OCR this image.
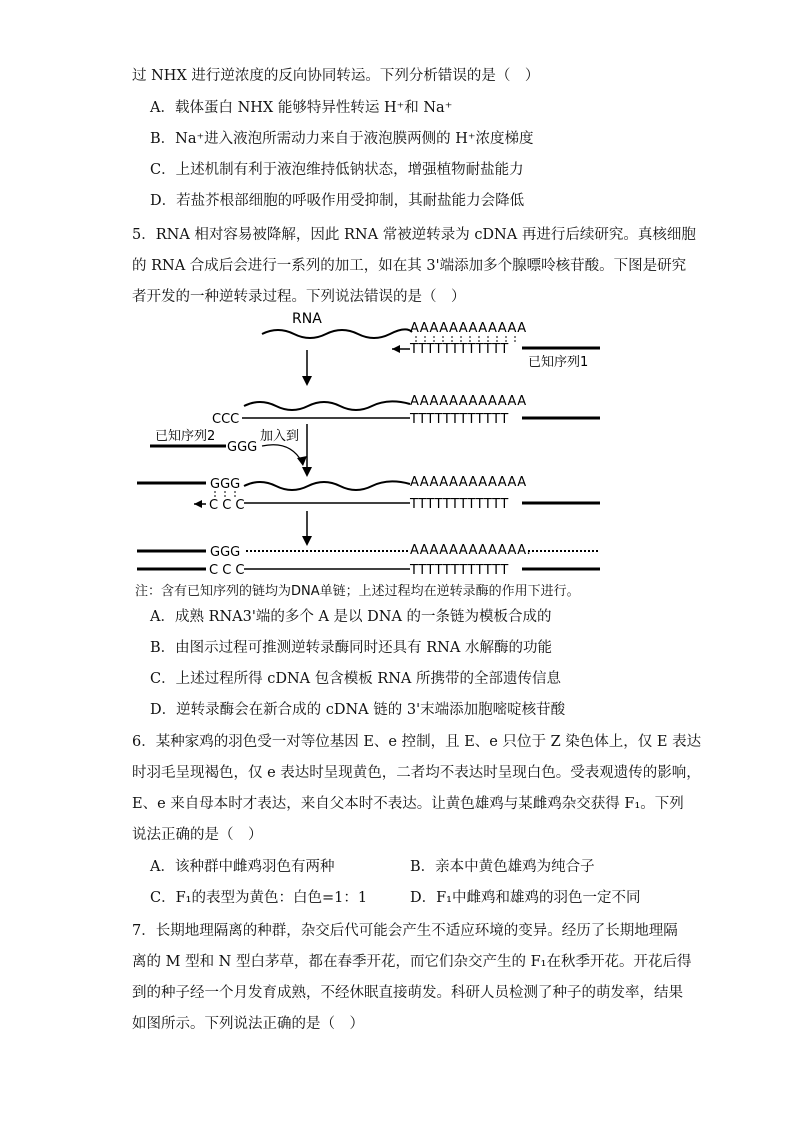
过 NHX 进行逆浓度的反向协同转运。下列分析错误的是（　）
A．载体蛋白 NHX 能够特异性转运 H⁺和 Na⁺
B．Na⁺进入液泡所需动力来自于液泡膜两侧的 H⁺浓度梯度
C．上述机制有利于液泡维持低钠状态，增强植物耐盐能力
D．若盐芥根部细胞的呼吸作用受抑制，其耐盐能力会降低
5．RNA 相对容易被降解，因此 RNA 常被逆转录为 cDNA 再进行后续研究。真核细胞
的 RNA 合成后会进行一系列的加工，如在其 3'端添加多个腺嘌呤核苷酸。下图是研究
者开发的一种逆转录过程。下列说法错误的是（　）
RNA
AAAAAAAAAAAA
TTTTTTTTTTTT
已知序列1
AAAAAAAAAAAA
CCC	TTTTTTTTTTTT
已知序列2
GGG
加入到
GGG	AAAAAAAAAAAA
C C C	TTTTTTTTTTTT
GGG	AAAAAAAAAAAA.
C C C	TTTTTTTTTTTT
注：含有已知序列的链均为DNA单链；上述过程均在逆转录酶的作用下进行。
A．成熟 RNA3'端的多个 A 是以 DNA 的一条链为模板合成的
B．由图示过程可推测逆转录酶同时还具有 RNA 水解酶的功能
C．上述过程所得 cDNA 包含模板 RNA 所携带的全部遗传信息
D．逆转录酶会在新合成的 cDNA 链的 3'末端添加胞嘧啶核苷酸
6．某种家鸡的羽色受一对等位基因 E、e 控制，且 E、e 只位于 Z 染色体上，仅 E 表达
时羽毛呈现褐色，仅 e 表达时呈现黄色，二者均不表达时呈现白色。受表观遗传的影响，
E、e 来自母本时才表达，来自父本时不表达。让黄色雄鸡与某雌鸡杂交获得 F₁。下列
说法正确的是（　）
A．该种群中雌鸡羽色有两种	B．亲本中黄色雄鸡为纯合子
C．F₁的表型为黄色：白色=1：1	D．F₁中雌鸡和雄鸡的羽色一定不同
7．长期地理隔离的种群，杂交后代可能会产生不适应环境的变异。经历了长期地理隔
离的 M 型和 N 型白茅草，都在春季开花，而它们杂交产生的 F₁在秋季开花。开花后得
到的种子经一个月发育成熟，不经休眠直接萌发。科研人员检测了种子的萌发率，结果
如图所示。下列说法正确的是（　）
